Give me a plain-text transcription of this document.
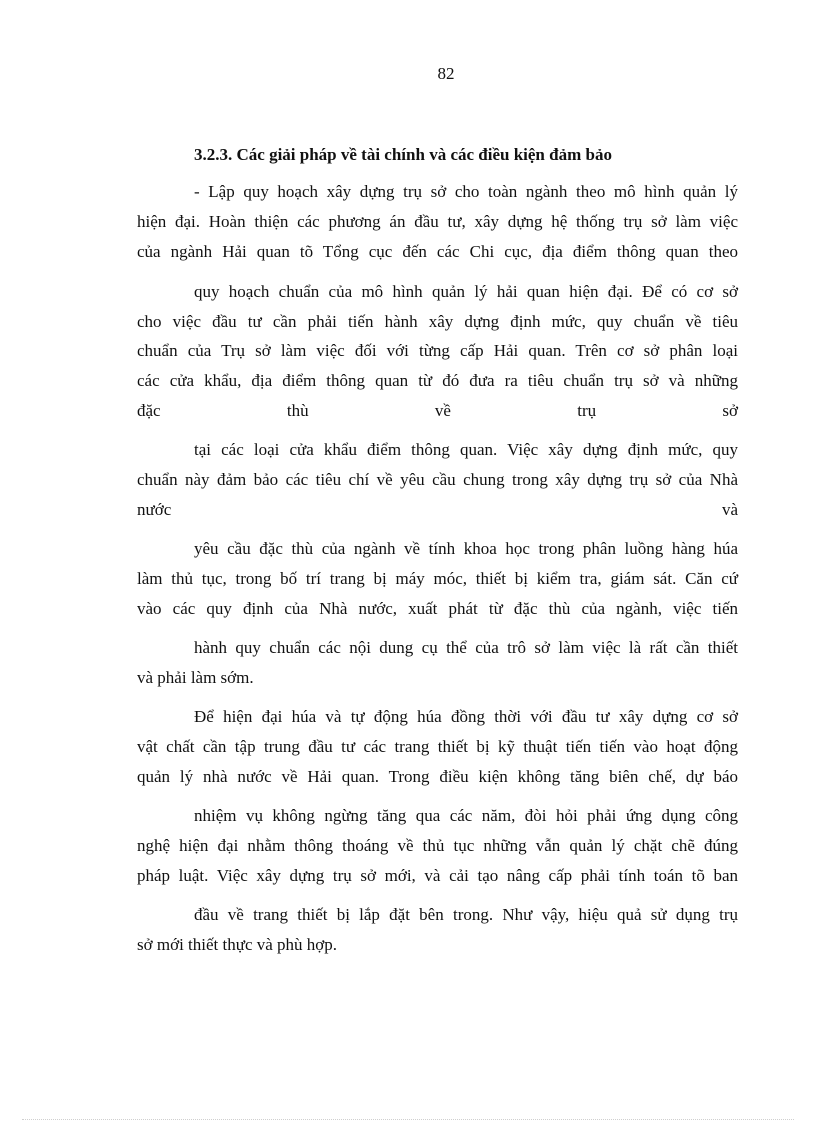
82
3.2.3. Các giải pháp về tài chính và các điều kiện đảm bảo
- Lập quy hoạch xây dựng trụ sở cho toàn ngành theo mô hình quản lý
hiện đại. Hoàn thiện các phương án đầu tư, xây dựng hệ thống trụ sở làm việc
của ngành Hải quan tõ Tổng cục đến các Chi cục, địa điểm thông quan theo
quy hoạch chuẩn của mô hình quản lý hải quan hiện đại. Để có cơ sở
cho việc đầu tư cần phải tiến hành xây dựng định mức, quy chuẩn về tiêu
chuẩn của Trụ sở làm việc đối với từng cấp Hải quan. Trên cơ sở phân loại
các cửa khẩu, địa điểm thông quan từ đó đưa ra tiêu chuẩn trụ sở và những
đặc thù về trụ sở
tại các loại cửa khẩu điểm thông quan. Việc xây dựng định mức, quy
chuẩn này đảm bảo các tiêu chí về yêu cầu chung trong xây dựng trụ sở của Nhà
nước và
yêu cầu đặc thù của ngành về tính khoa học trong phân luồng hàng húa
làm thủ tục, trong bố trí trang bị máy móc, thiết bị kiểm tra, giám sát. Căn cứ
vào các quy định của Nhà nước, xuất phát từ đặc thù của ngành, việc tiến
hành quy chuẩn các nội dung cụ thể của trô sở làm việc là rất cần thiết
và phải làm sớm.
Để hiện đại húa và tự động húa đồng thời với đầu tư xây dựng cơ sở
vật chất cần tập trung đầu tư các trang thiết bị kỹ thuật tiến tiến vào hoạt động
quản lý nhà nước về Hải quan. Trong điều kiện không tăng biên chế, dự báo
nhiệm vụ không ngừng tăng qua các năm, đòi hỏi phải ứng dụng công
nghệ hiện đại nhằm thông thoáng về thủ tục những vẫn quản lý chặt chẽ đúng
pháp luật. Việc xây dựng trụ sở mới, và cải tạo nâng cấp phải tính toán tõ ban
đầu về trang thiết bị lắp đặt bên trong. Như vậy, hiệu quả sử dụng trụ
sở mới thiết thực và phù hợp.
